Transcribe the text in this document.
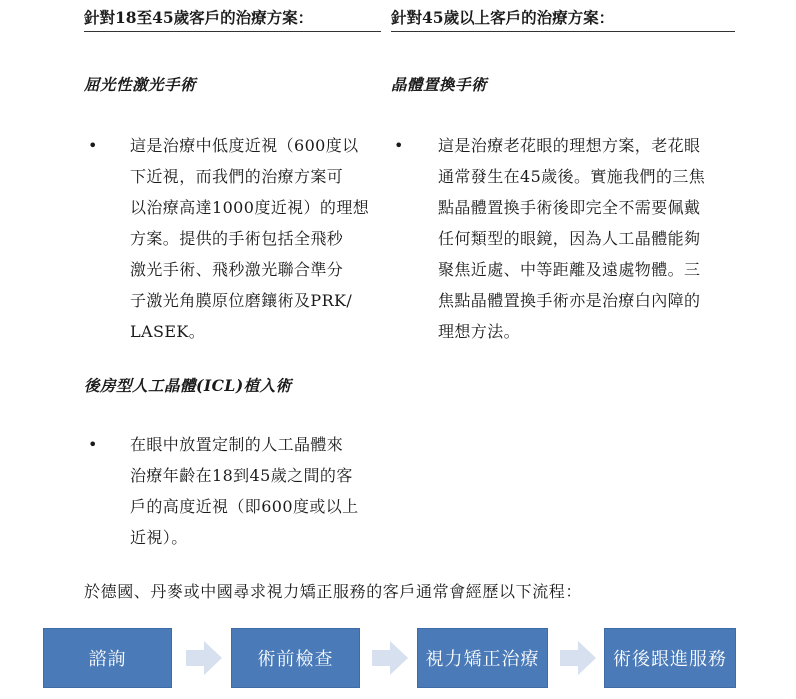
針對18至45歲客戶的治療方案：	針對45歲以上客戶的治療方案：
屈光性激光手術
• 這是治療中低度近視（600度以
下近視，而我們的治療方案可
以治療高達1000度近視）的理想
方案。提供的手術包括全飛秒
激光手術、飛秒激光聯合準分
子激光角膜原位磨鑲術及PRK/
LASEK。
後房型人工晶體(ICL)植入術
• 在眼中放置定制的人工晶體來
治療年齡在18到45歲之間的客
戶的高度近視（即600度或以上
近視）。
晶體置換手術
• 這是治療老花眼的理想方案，老花眼
通常發生在45歲後。實施我們的三焦
點晶體置換手術後即完全不需要佩戴
任何類型的眼鏡，因為人工晶體能夠
聚焦近處、中等距離及遠處物體。三
焦點晶體置換手術亦是治療白內障的
理想方法。
於德國、丹麥或中國尋求視力矯正服務的客戶通常會經歷以下流程：
諮詢	術前檢查	視力矯正治療	術後跟進服務
